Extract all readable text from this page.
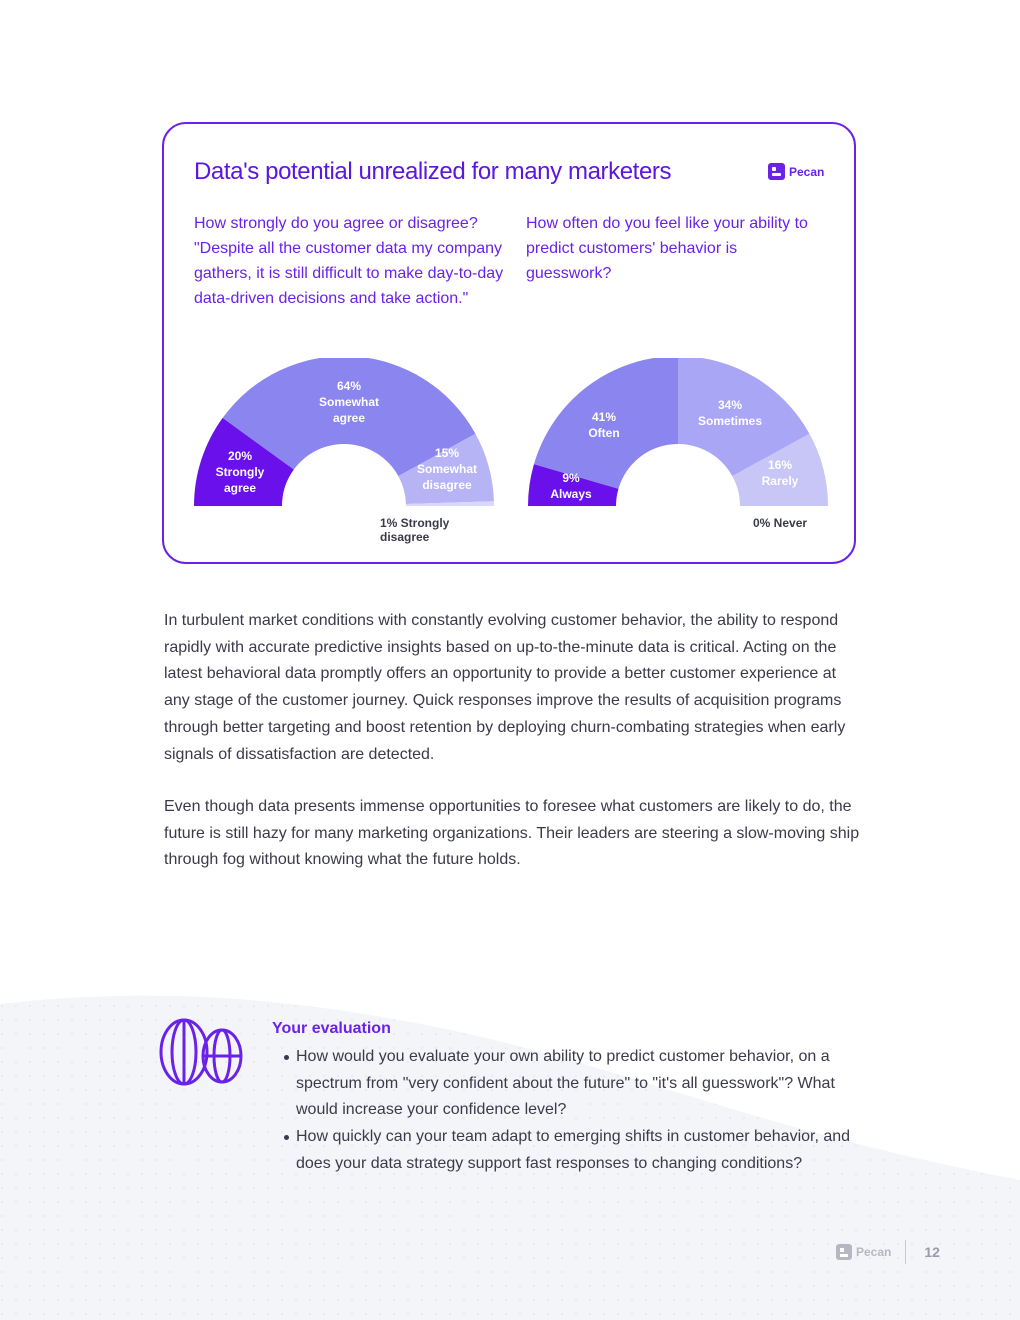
Data's potential unrealized for many marketers	Pecan

How strongly do you agree or disagree? "Despite all the customer data my company gathers, it is still difficult to make day-to-day data-driven decisions and take action."

How often do you feel like your ability to predict customers' behavior is guesswork?

20%
Strongly
agree
64%
Somewhat
agree
15%
Somewhat
disagree
1% Strongly disagree
9%
Always
41%
Often
34%
Sometimes
16%
Rarely
0% Never

In turbulent market conditions with constantly evolving customer behavior, the ability to respond rapidly with accurate predictive insights based on up-to-the-minute data is critical. Acting on the latest behavioral data promptly offers an opportunity to provide a better customer experience at any stage of the customer journey. Quick responses improve the results of acquisition programs through better targeting and boost retention by deploying churn-combating strategies when early signals of dissatisfaction are detected.

Even though data presents immense opportunities to foresee what customers are likely to do, the future is still hazy for many marketing organizations. Their leaders are steering a slow-moving ship through fog without knowing what the future holds.

Your evaluation
How would you evaluate your own ability to predict customer behavior, on a spectrum from "very confident about the future" to "it's all guesswork"? What would increase your confidence level?
How quickly can your team adapt to emerging shifts in customer behavior, and does your data strategy support fast responses to changing conditions?
Pecan 12
